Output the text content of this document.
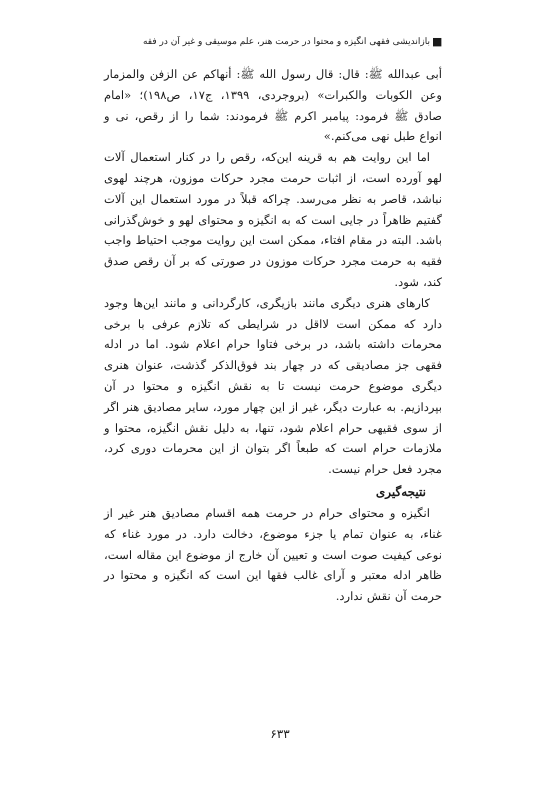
بازاندیشی فقهی انگیزه و محتوا در حرمت هنر، علم موسیقی و غیر آن در فقه ■

أبی عبدالله ﷺ: قال: قال رسول الله ﷺ: أنهاکم عن الزفن والمزمار وعن الکوبات والکبرات» (بروجردی، ۱۳۹۹، ج۱۷، ص۱۹۸)؛ «امام صادق ﷺ فرمود: پیامبر اکرم ﷺ فرمودند: شما را از رقص، نی و انواع طبل نهی می‌کنم.»

اما این روایت هم به قرینه این‌که، رقص را در کنار استعمال آلات لهو آورده است، از اثبات حرمت مجرد حرکات موزون، هرچند لهوی نباشد، قاصر به نظر می‌رسد. چراکه قبلاً در مورد استعمال این آلات گفتیم ظاهراً در جایی است که به انگیزه و محتوای لهو و خوش‌گذرانی باشد. البته در مقام افتاء، ممکن است این روایت موجب احتیاط واجب فقیه به حرمت مجرد حرکات موزون در صورتی که بر آن رقص صدق کند، شود.

کارهای هنری دیگری مانند بازیگری، کارگردانی و مانند این‌ها وجود دارد که ممکن است لااقل در شرایطی که تلازم عرفی با برخی محرمات داشته باشد، در برخی فتاوا حرام اعلام شود. اما در ادله فقهی جز مصادیقی که در چهار بند فوق‌الذکر گذشت، عنوان هنری دیگری موضوع حرمت نیست تا به نقش انگیزه و محتوا در آن بپردازیم. به عبارت دیگر، غیر از این چهار مورد، سایر مصادیق هنر اگر از سوی فقیهی حرام اعلام شود، تنها، به دلیل نقش انگیزه، محتوا و ملازمات حرام است که طبعاً اگر بتوان از این محرمات دوری کرد، مجرد فعل حرام نیست.

نتیجه‌گیری

انگیزه و محتوای حرام در حرمت همه اقسام مصادیق هنر غیر از غناء، به عنوان تمام یا جزء موضوع، دخالت دارد. در مورد غناء که نوعی کیفیت صوت است و تعیین آن خارج از موضوع این مقاله است، ظاهر ادله معتبر و آرای غالب فقها این است که انگیزه و محتوا در حرمت آن نقش ندارد.

۶۳۳
